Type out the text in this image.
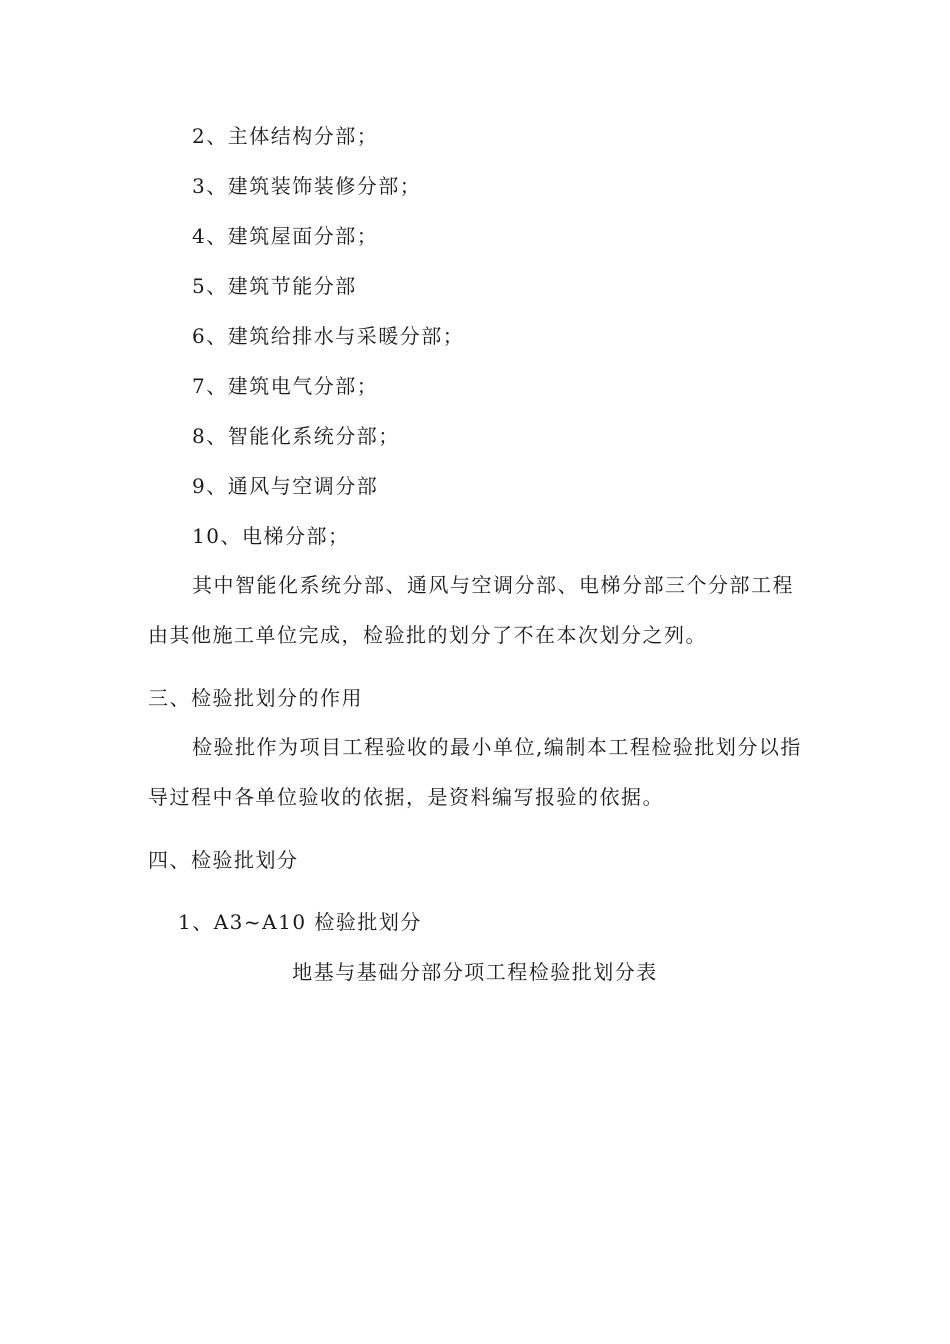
2、主体结构分部；
3、建筑装饰装修分部；
4、建筑屋面分部；
5、建筑节能分部
6、建筑给排水与采暖分部；
7、建筑电气分部；
8、智能化系统分部；
9、通风与空调分部
10、电梯分部；

其中智能化系统分部、通风与空调分部、电梯分部三个分部工程由其他施工单位完成，检验批的划分了不在本次划分之列。

三、检验批划分的作用

检验批作为项目工程验收的最小单位,编制本工程检验批划分以指导过程中各单位验收的依据，是资料编写报验的依据。

四、检验批划分
1、A3~A10 检验批划分
地基与基础分部分项工程检验批划分表
